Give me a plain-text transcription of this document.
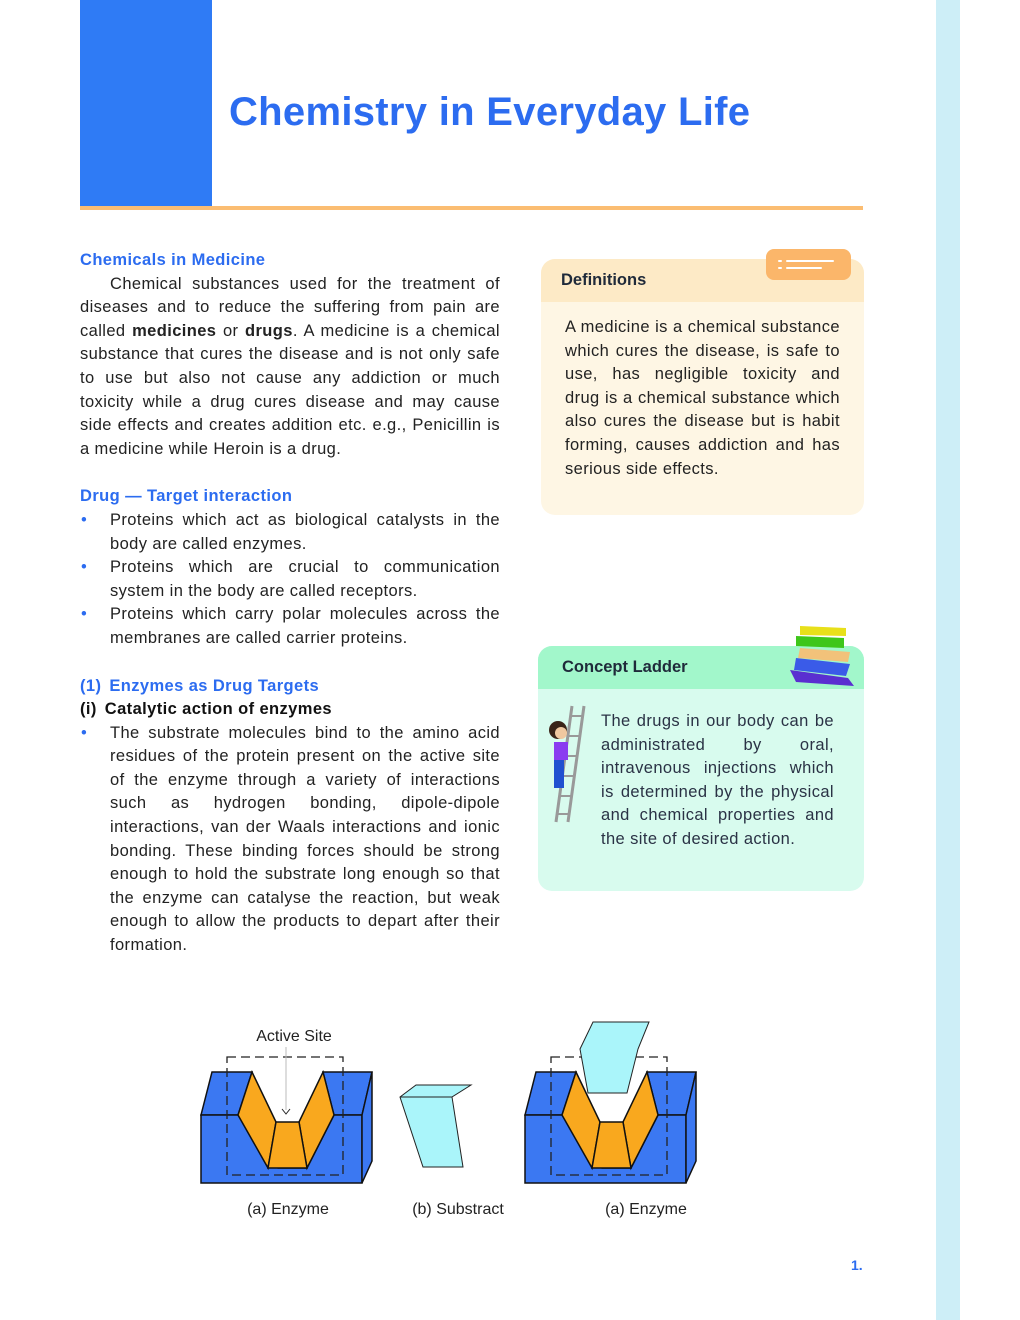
Chemistry in Everyday Life
Chemicals in Medicine

Chemical substances used for the treatment of diseases and to reduce the suffering from pain are called medicines or drugs. A medicine is a chemical substance that cures the disease and is not only safe to use but also not cause any addiction or much toxicity while a drug cures disease and may cause side effects and creates addition etc. e.g., Penicillin is a medicine while Heroin is a drug.

Drug — Target interaction
• Proteins which act as biological catalysts in the body are called enzymes.
• Proteins which are crucial to communication system in the body are called receptors.
• Proteins which carry polar molecules across the membranes are called carrier proteins.
(1) Enzymes as Drug Targets
(i) Catalytic action of enzymes
• The substrate molecules bind to the amino acid residues of the protein present on the active site of the enzyme through a variety of interactions such as hydrogen bonding, dipole-dipole interactions, van der Waals interactions and ionic bonding. These binding forces should be strong enough to hold the substrate long enough so that the enzyme can catalyse the reaction, but weak enough to allow the products to depart after their formation.
Definitions
A medicine is a chemical substance which cures the disease, is safe to use, has negligible toxicity and drug is a chemical substance which also cures the disease but is habit forming, causes addiction and has serious side effects.
Concept Ladder
The drugs in our body can be administrated by oral, intravenous injections which is determined by the physical and chemical properties and the site of desired action.
Active Site
(a) Enzyme	(b) Substract	(a) Enzyme
1.
